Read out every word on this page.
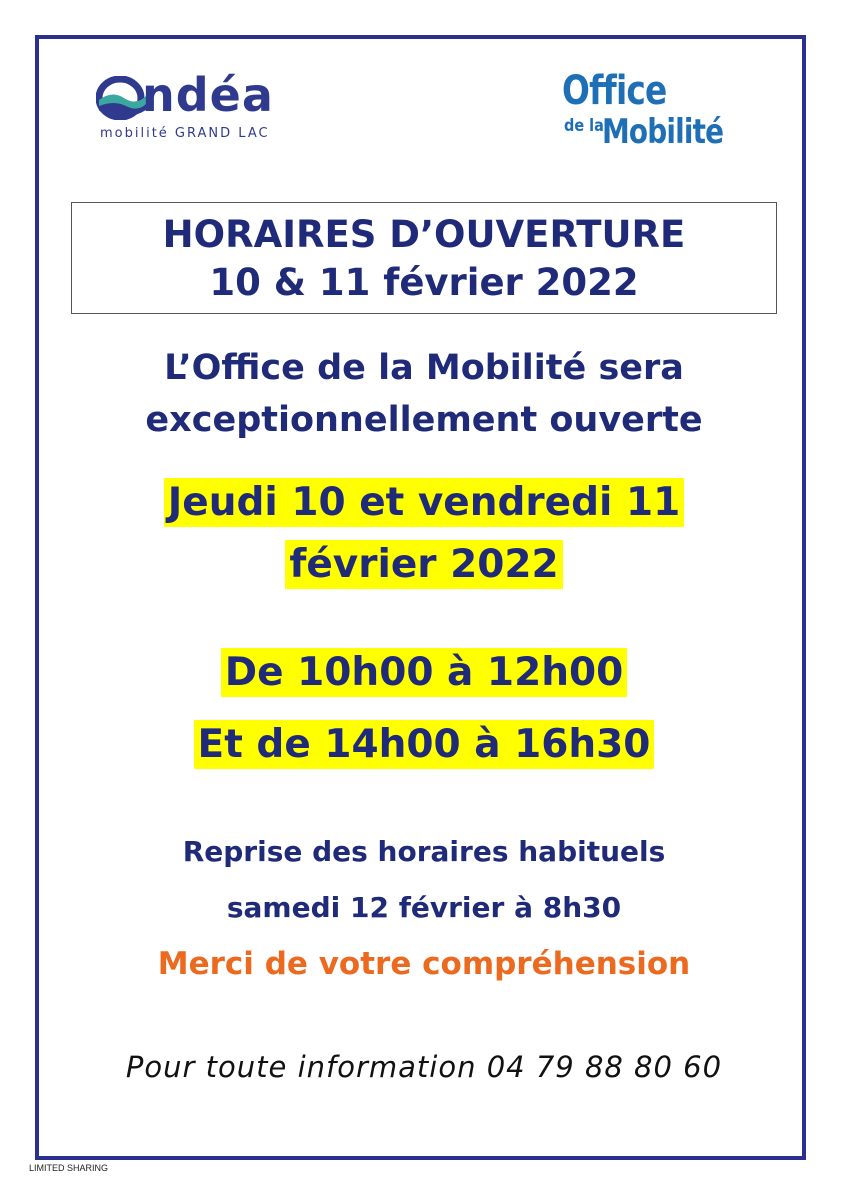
ndéa
mobilité GRAND LAC
Office
de la
Mobilité
HORAIRES D’OUVERTURE
10 & 11 février 2022
L’Office de la Mobilité sera
exceptionnellement ouverte
Jeudi 10 et vendredi 11
février 2022
De 10h00 à 12h00
Et de 14h00 à 16h30
Reprise des horaires habituels
samedi 12 février à 8h30
Merci de votre compréhension
Pour toute information 04 79 88 80 60
LIMITED SHARING
